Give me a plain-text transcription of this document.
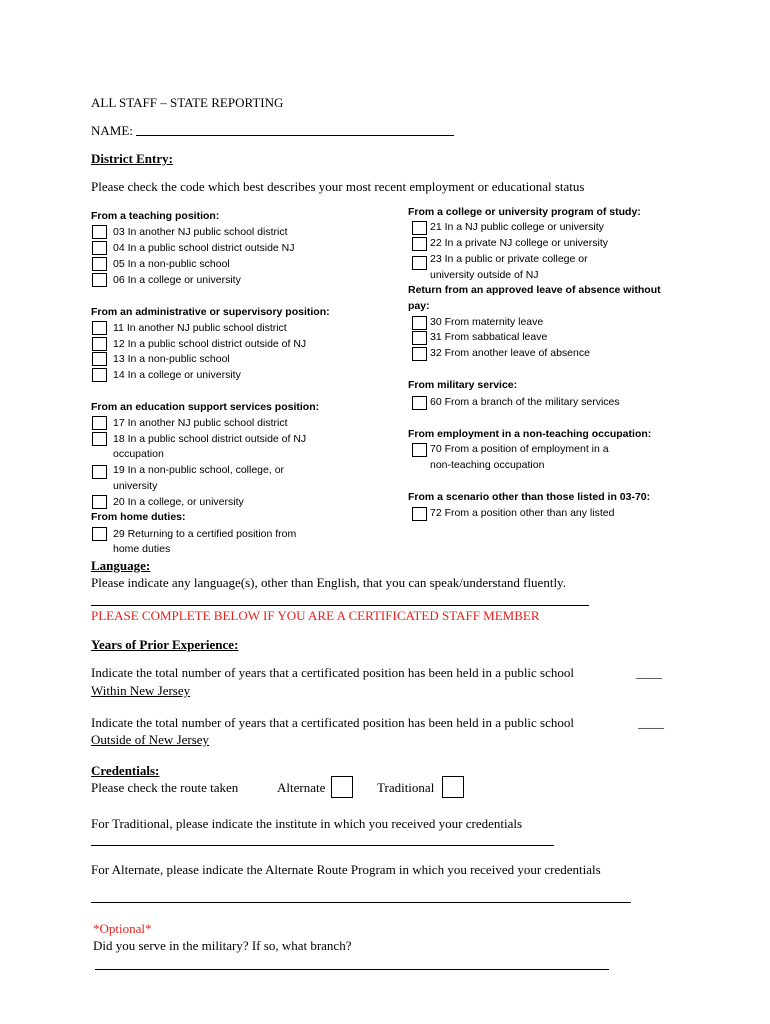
ALL STAFF – STATE REPORTING
NAME:
District Entry:
Please check the code which best describes your most recent employment or educational status
From a teaching position:
03 In another NJ public school district
04 In a public school district outside NJ
05 In a non-public school
06 In a college or university
From an administrative or supervisory position:
11 In another NJ public school district
12 In a public school district outside of NJ
13 In a non-public school
14 In a college or university
From an education support services position:
17 In another NJ public school district
18 In a public school district outside of NJ
occupation
19 In a non-public school, college, or
university
20 In a college, or university
From home duties:
29 Returning to a certified position from
home duties
From a college or university program of study:
21 In a NJ public college or university
22 In a private NJ college or university
23 In a public or private college or
university outside of NJ
Return from an approved leave of absence without
pay:
30 From maternity leave
31 From sabbatical leave
32 From another leave of absence
From military service:
60 From a branch of the military services
From employment in a non-teaching occupation:
70 From a position of employment in a
non-teaching occupation
From a scenario other than those listed in 03-70:
72 From a position other than any listed
Language:
Please indicate any language(s), other than English, that you can speak/understand fluently.
PLEASE COMPLETE BELOW IF YOU ARE A CERTIFICATED STAFF MEMBER
Years of Prior Experience:
Indicate the total number of years that a certificated position has been held in a public school
Within New Jersey
____
Indicate the total number of years that a certificated position has been held in a public school
Outside of New Jersey
____
Credentials:
Please check the route taken	Alternate	Traditional
For Traditional, please indicate the institute in which you received your credentials
For Alternate, please indicate the Alternate Route Program in which you received your credentials
*Optional*
Did you serve in the military? If so, what branch?
